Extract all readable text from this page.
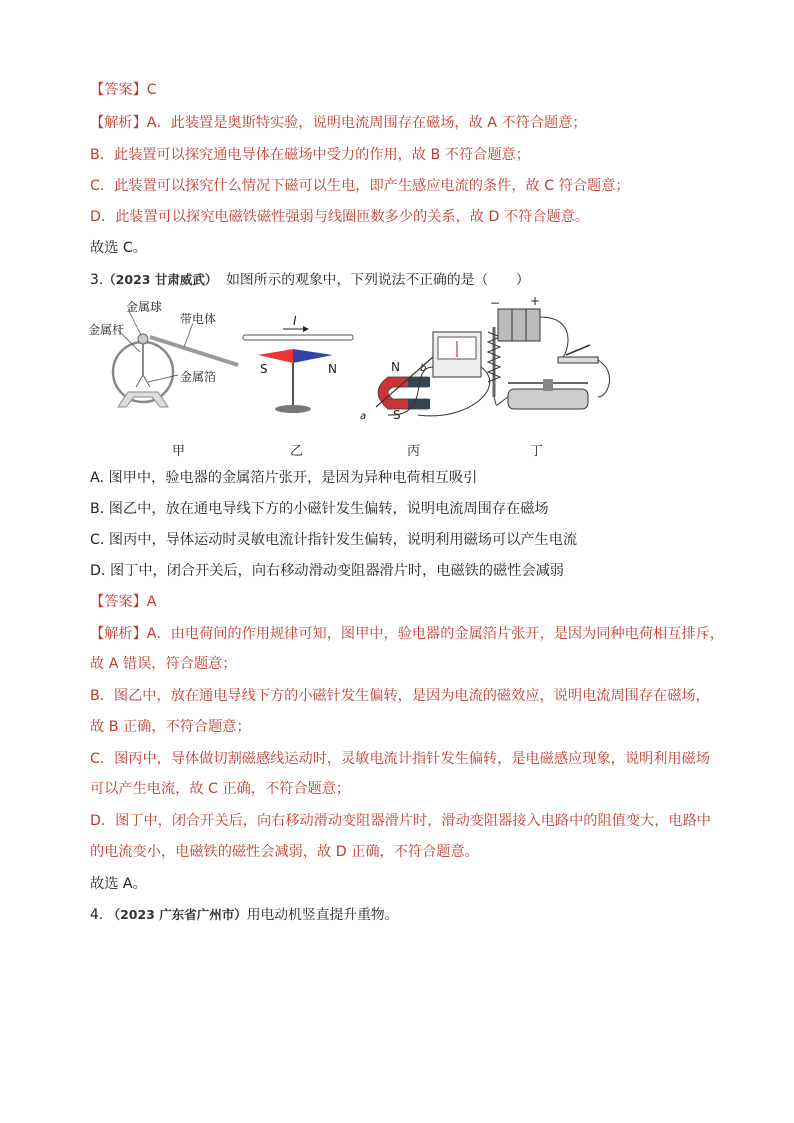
【答案】C
【解析】A．此装置是奥斯特实验，说明电流周围存在磁场，故 A 不符合题意；
B．此装置可以探究通电导体在磁场中受力的作用，故 B 不符合题意；
C．此装置可以探究什么情况下磁可以生电，即产生感应电流的条件，故 C 符合题意；
D．此装置可以探究电磁铁磁性强弱与线圈匝数多少的关系，故 D 不符合题意。
故选 C。
3.（2023 甘肃威武） 如图所示的观象中，下列说法不正确的是（　　）
金属球
金属杆
带电体
金属箔
I
S	N	N b
a S
− +
甲	乙	丙	丁
A. 图甲中，验电器的金属箔片张开，是因为异种电荷相互吸引
B. 图乙中，放在通电导线下方的小磁针发生偏转，说明电流周围存在磁场
C. 图丙中，导体运动时灵敏电流计指针发生偏转，说明利用磁场可以产生电流
D. 图丁中，闭合开关后，向右移动滑动变阻器滑片时，电磁铁的磁性会减弱
【答案】A
【解析】A．由电荷间的作用规律可知，图甲中，验电器的金属箔片张开，是因为同种电荷相互排斥，
故 A 错误，符合题意；
B．图乙中，放在通电导线下方的小磁针发生偏转，是因为电流的磁效应，说明电流周围存在磁场，
故 B 正确，不符合题意；
C．图丙中，导体做切割磁感线运动时，灵敏电流计指针发生偏转，是电磁感应现象，说明利用磁场
可以产生电流，故 C 正确，不符合题意；
D．图丁中，闭合开关后，向右移动滑动变阻器滑片时，滑动变阻器接入电路中的阻值变大，电路中
的电流变小，电磁铁的磁性会减弱，故 D 正确，不符合题意。
故选 A。
4. （2023 广东省广州市）用电动机竖直提升重物。
